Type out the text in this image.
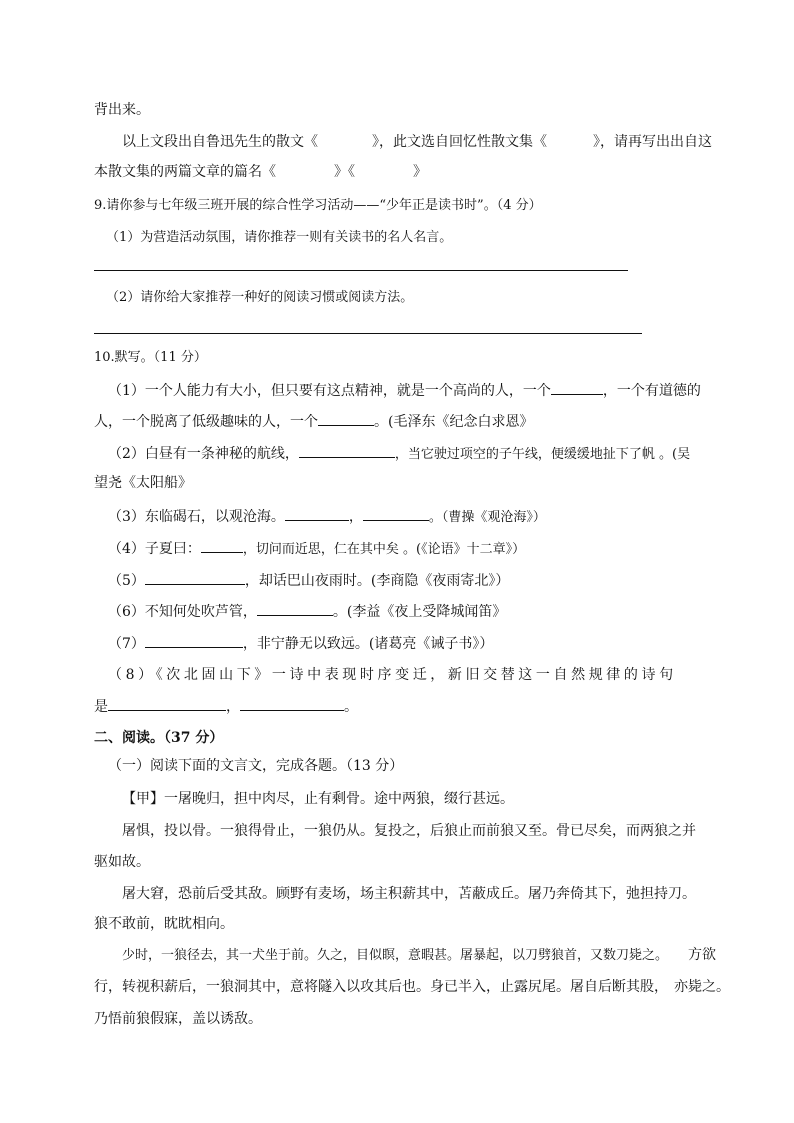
背出来。
以上文段出自鲁迅先生的散文《	》，此文选自回忆性散文集《	》，请再写出出自这
本散文集的两篇文章的篇名《	》《	》
9.请你参与七年级三班开展的综合性学习活动——“少年正是读书时”。（4 分）
（1）为营造活动氛围，请你推荐一则有关读书的名人名言。
（2）请你给大家推荐一种好的阅读习惯或阅读方法。
10.默写。（11 分）
（1）一个人能力有大小，但只要有这点精神，就是一个高尚的人，一个	，一个有道德的
人，一个脱离了低级趣味的人，一个	。(毛泽东《纪念白求恩》
（2）白昼有一条神秘的航线，	，当它驶过项空的子午线，便缓缓地扯下了帆 。(吴
望尧《太阳船》
（3）东临碣石，以观沧海。	，	。（曹操《观沧海》）
（4）子夏曰：	，切问而近思，仁在其中矣 。(《论语》十二章》）
（5）	，却话巴山夜雨时。(李商隐《夜雨寄北》）
（6）不知何处吹芦管，	。(李益《夜上受降城闻笛》
（7）	，非宁静无以致远。(诸葛亮《诫子书》）
（8）《次北固山下》一诗中表现时序变迁，新旧交替这一自然规律的诗句
是	，	。
二、阅读。（37 分）
（一）阅读下面的文言文，完成各题。（13 分）
【甲】一屠晚归，担中肉尽，止有剩骨。途中两狼，缀行甚远。
屠惧，投以骨。一狼得骨止，一狼仍从。复投之，后狼止而前狼又至。骨已尽矣，而两狼之并
驱如故。
屠大窘，恐前后受其敌。顾野有麦场，场主积薪其中，苫蔽成丘。屠乃奔倚其下，弛担持刀。
狼不敢前，眈眈相向。
少时，一狼径去，其一犬坐于前。久之，目似瞑，意暇甚。屠暴起，以刀劈狼首，又数刀毙之。 方欲
行，转视积薪后，一狼洞其中，意将隧入以攻其后也。身已半入，止露尻尾。屠自后断其股， 亦毙之。
乃悟前狼假寐，盖以诱敌。
